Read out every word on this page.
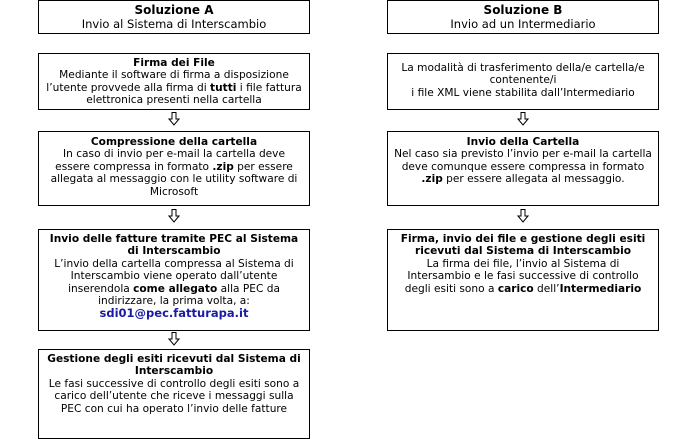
Soluzione A
Invio al Sistema di Interscambio

Firma dei File

Mediante il software di firma a disposizione l’utente provvede alla firma di tutti i file fattura elettronica presenti nella cartella

Compressione della cartella

In caso di invio per e-mail la cartella deve essere compressa in formato .zip per essere allegata al messaggio con le utility software di Microsoft

Invio delle fatture tramite PEC al Sistema di Interscambio

L’invio della cartella compressa al Sistema di Interscambio viene operato dall’utente inserendola come allegato alla PEC da indirizzare, la prima volta, a:

sdi01@pec.fatturapa.it

Gestione degli esiti ricevuti dal Sistema di Interscambio

Le fasi successive di controllo degli esiti sono a carico dell’utente che riceve i messaggi sulla PEC con cui ha operato l’invio delle fatture

Soluzione B
Invio ad un Intermediario

La modalità di trasferimento della/e cartella/e contenente/i

i file XML viene stabilita dall’Intermediario

Invio della Cartella

Nel caso sia previsto l’invio per e-mail la cartella deve comunque essere compressa in formato .zip per essere allegata al messaggio.

Firma, invio dei file e gestione degli esiti ricevuti dal Sistema di Interscambio

La firma dei file, l’invio al Sistema di Intersambio e le fasi successive di controllo degli esiti sono a carico dell’Intermediario
